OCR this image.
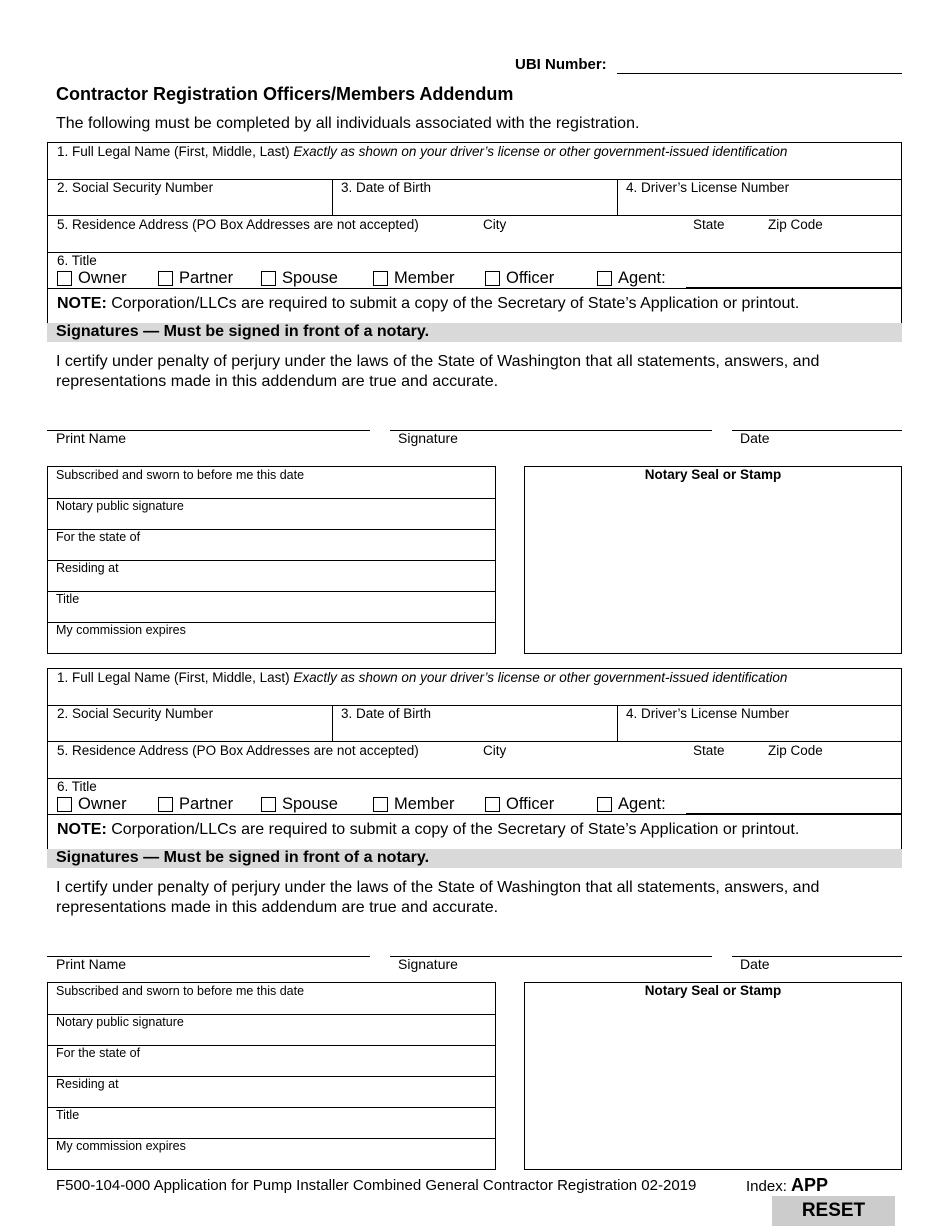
UBI Number:
Contractor Registration Officers/Members Addendum
The following must be completed by all individuals associated with the registration.
1. Full Legal Name (First, Middle, Last) Exactly as shown on your driver’s license or other government-issued identification
2. Social Security Number	3. Date of Birth	4. Driver’s License Number
5. Residence Address (PO Box Addresses are not accepted)	City	State	Zip Code
6. Title
Owner	Partner	Spouse	Member	Officer	Agent:
NOTE: Corporation/LLCs are required to submit a copy of the Secretary of State’s Application or printout.
Signatures — Must be signed in front of a notary.
I certify under penalty of perjury under the laws of the State of Washington that all statements, answers, and representations made in this addendum are true and accurate.
Print Name	Signature	Date
Subscribed and sworn to before me this date
Notary public signature
For the state of
Residing at
Title
My commission expires
Notary Seal or Stamp
1. Full Legal Name (First, Middle, Last) Exactly as shown on your driver’s license or other government-issued identification
2. Social Security Number	3. Date of Birth	4. Driver’s License Number
5. Residence Address (PO Box Addresses are not accepted)	City	State	Zip Code
6. Title
Owner	Partner	Spouse	Member	Officer	Agent:
NOTE: Corporation/LLCs are required to submit a copy of the Secretary of State’s Application or printout.
Signatures — Must be signed in front of a notary.
I certify under penalty of perjury under the laws of the State of Washington that all statements, answers, and representations made in this addendum are true and accurate.
Print Name	Signature	Date
Subscribed and sworn to before me this date
Notary public signature
For the state of
Residing at
Title
My commission expires
Notary Seal or Stamp
F500-104-000 Application for Pump Installer Combined General Contractor Registration 02-2019	Index: APP
RESET
